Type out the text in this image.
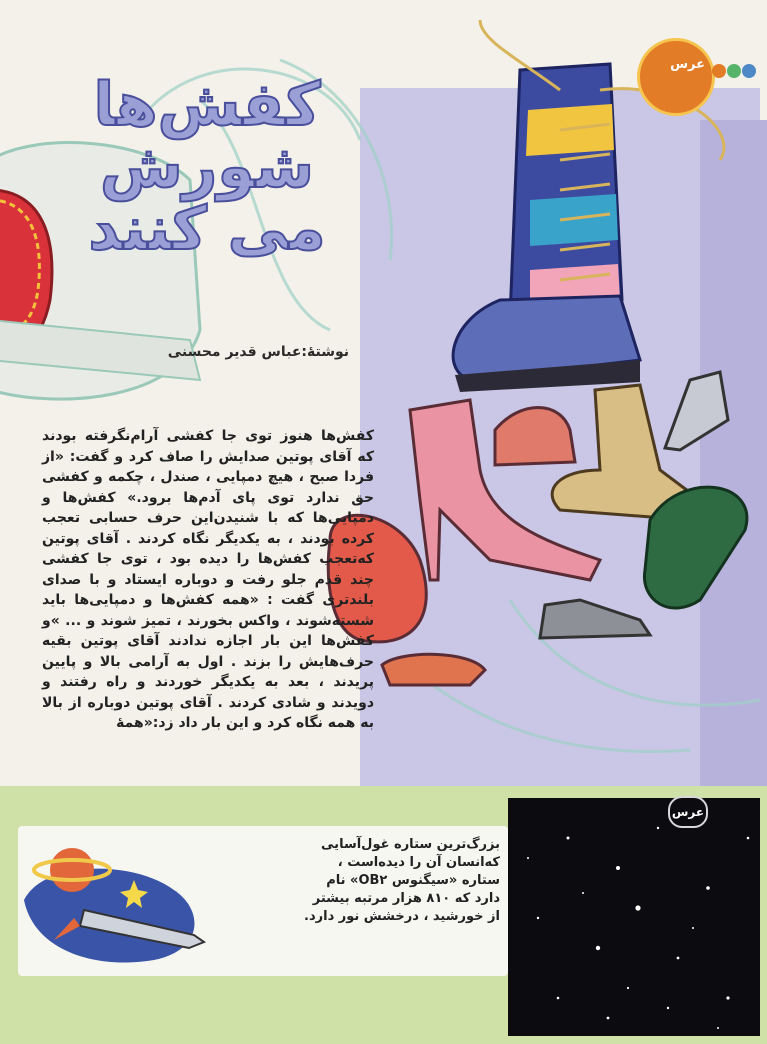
عرس
کفش‌ها
شورش
می کنند
نوشتهٔ:عباس قدیر محسنی
کفش‌ها هنوز توی جا کفشی آرام‌نگرفته بودند که آقای پوتین صدایش را صاف کرد و گفت: «از فردا صبح ، هیچ دمپایی ، صندل ، چکمه و کفشی حق ندارد توی پای آدم‌ها برود.» کفش‌ها و دمپایی‌ها که با شنیدن‌این حرف حسابی تعجب کرده بودند ، به یکدیگر نگاه کردند . آقای پوتین که‌تعجب کفش‌ها را دیده‌ بود ، توی جا کفشی چند قدم جلو رفت و دوباره ایستاد و با صدای بلندتری گفت : «همه کفش‌ها و دمپایی‌ها باید شسته‌شوند ، واکس بخورند ، تمیز شوند و ... »و کفش‌ها این بار اجازه ندادند آقای پوتین بقیه حرف‌هایش را بزند . اول به آرامی بالا و پایین پریدند ، بعد به یکدیگر خوردند و راه رفتند و دویدند و شادی کردند . آقای پوتین دوباره از بالا به همه نگاه کرد و این بار داد زد:«همهٔ
بزرگ‌ترین ستاره غول‌آسایی که‌انسان آن را دیده‌است ، ستاره «سیگنوس OB۲» نام دارد که ۸۱۰ هزار مرتبه بیشتر از خورشید ، درخشش نور دارد.
عرس
